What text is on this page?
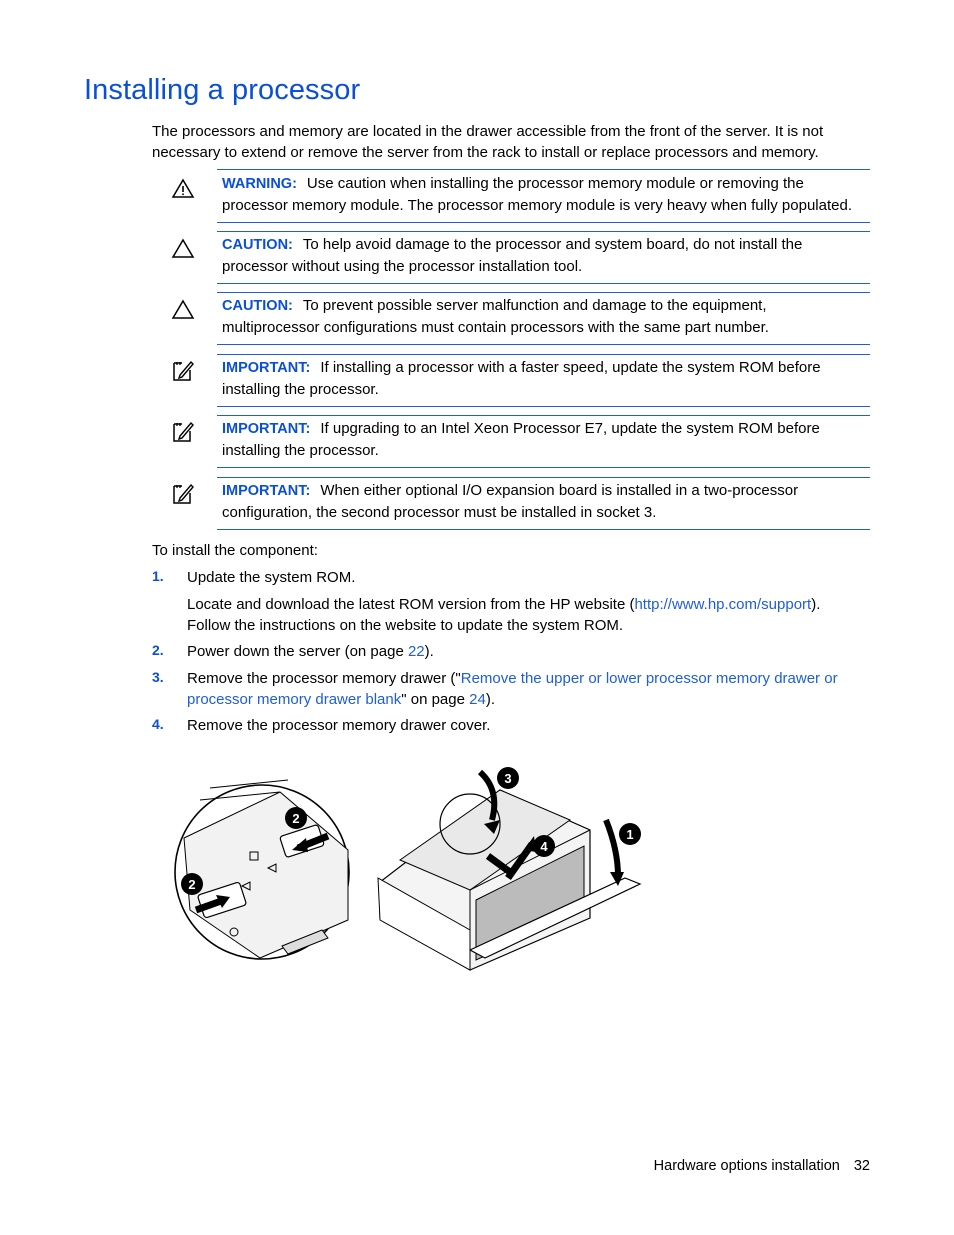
Installing a processor
The processors and memory are located in the drawer accessible from the front of the server. It is not necessary to extend or remove the server from the rack to install or replace processors and memory.
WARNING: Use caution when installing the processor memory module or removing the processor memory module. The processor memory module is very heavy when fully populated.
CAUTION: To help avoid damage to the processor and system board, do not install the processor without using the processor installation tool.
CAUTION: To prevent possible server malfunction and damage to the equipment, multiprocessor configurations must contain processors with the same part number.
IMPORTANT: If installing a processor with a faster speed, update the system ROM before installing the processor.
IMPORTANT: If upgrading to an Intel Xeon Processor E7, update the system ROM before installing the processor.
IMPORTANT: When either optional I/O expansion board is installed in a two-processor configuration, the second processor must be installed in socket 3.
To install the component:
1. Update the system ROM.
Locate and download the latest ROM version from the HP website (http://www.hp.com/support). Follow the instructions on the website to update the system ROM.
2. Power down the server (on page 22).
3. Remove the processor memory drawer ("Remove the upper or lower processor memory drawer or processor memory drawer blank" on page 24).
4. Remove the processor memory drawer cover.
2
2
3
4
1
Hardware options installation 32
